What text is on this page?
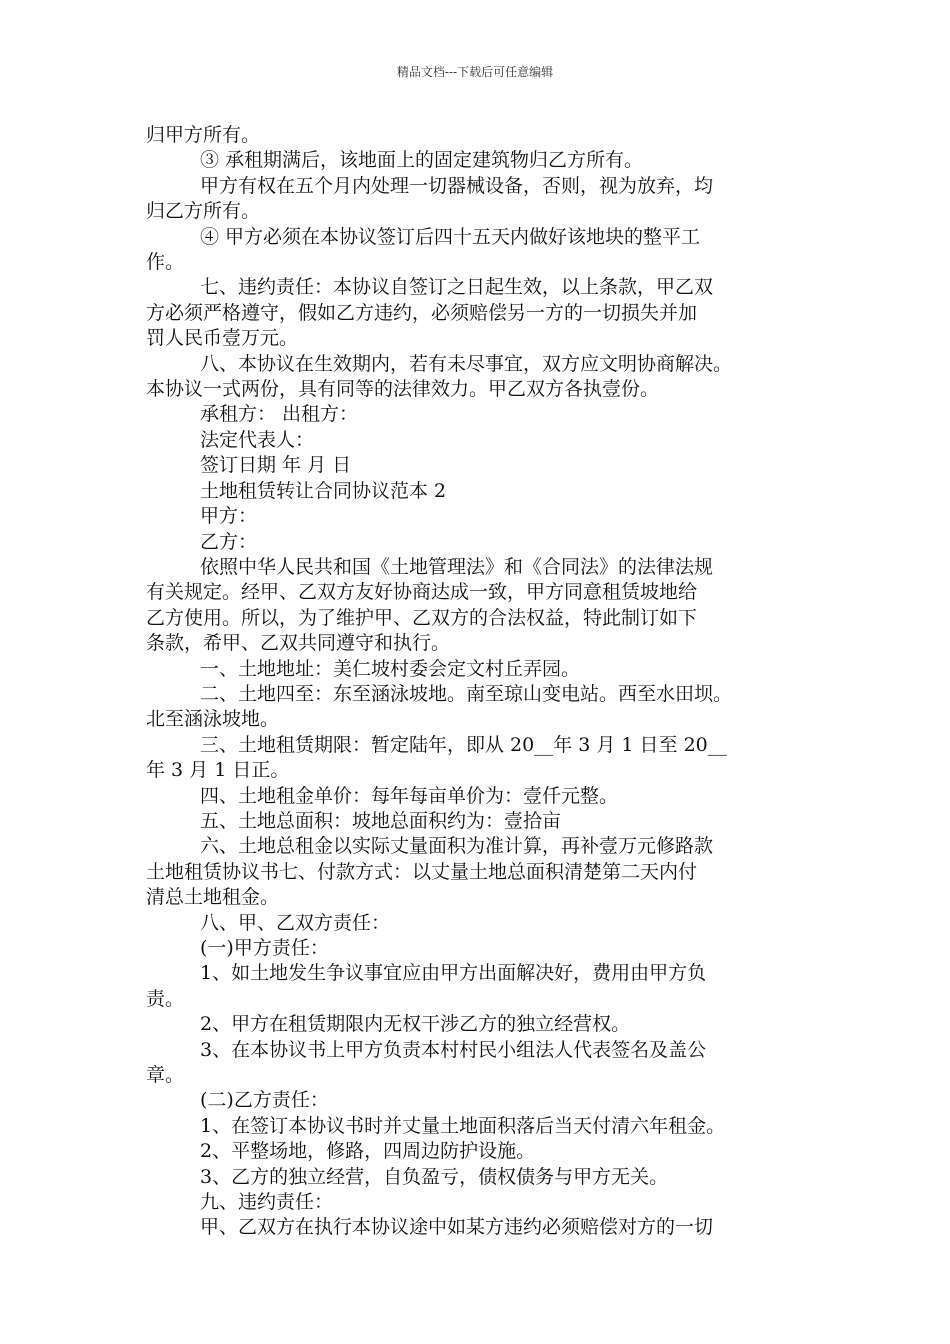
精品文档---下载后可任意编辑

归甲方所有。

③ 承租期满后，该地面上的固定建筑物归乙方所有。

甲方有权在五个月内处理一切器械设备，否则，视为放弃，均

归乙方所有。

④ 甲方必须在本协议签订后四十五天内做好该地块的整平工

作。

七、违约责任：本协议自签订之日起生效，以上条款，甲乙双

方必须严格遵守，假如乙方违约，必须赔偿另一方的一切损失并加

罚人民币壹万元。

八、本协议在生效期内，若有未尽事宜，双方应文明协商解决。

本协议一式两份，具有同等的法律效力。甲乙双方各执壹份。

承租方： 出租方：

法定代表人：

签订日期 年 月 日

土地租赁转让合同协议范本 2

甲方：

乙方：

依照中华人民共和国《土地管理法》和《合同法》的法律法规

有关规定。经甲、乙双方友好协商达成一致，甲方同意租赁坡地给

乙方使用。所以，为了维护甲、乙双方的合法权益，特此制订如下

条款，希甲、乙双共同遵守和执行。

一、土地地址：美仁坡村委会定文村丘弄园。

二、土地四至：东至涵泳坡地。南至琼山变电站。西至水田坝。

北至涵泳坡地。

三、土地租赁期限：暂定陆年，即从 20__年 3 月 1 日至 20__

年 3 月 1 日正。

四、土地租金单价：每年每亩单价为：壹仟元整。

五、土地总面积：坡地总面积约为：壹拾亩

六、土地总租金以实际丈量面积为准计算，再补壹万元修路款

土地租赁协议书七、付款方式：以丈量土地总面积清楚第二天内付

清总土地租金。

八、甲、乙双方责任：

(一)甲方责任：

1、如土地发生争议事宜应由甲方出面解决好，费用由甲方负

责。

2、甲方在租赁期限内无权干涉乙方的独立经营权。

3、在本协议书上甲方负责本村村民小组法人代表签名及盖公

章。

(二)乙方责任：

1、在签订本协议书时并丈量土地面积落后当天付清六年租金。

2、平整场地，修路，四周边防护设施。

3、乙方的独立经营，自负盈亏，债权债务与甲方无关。

九、违约责任：

甲、乙双方在执行本协议途中如某方违约必须赔偿对方的一切
